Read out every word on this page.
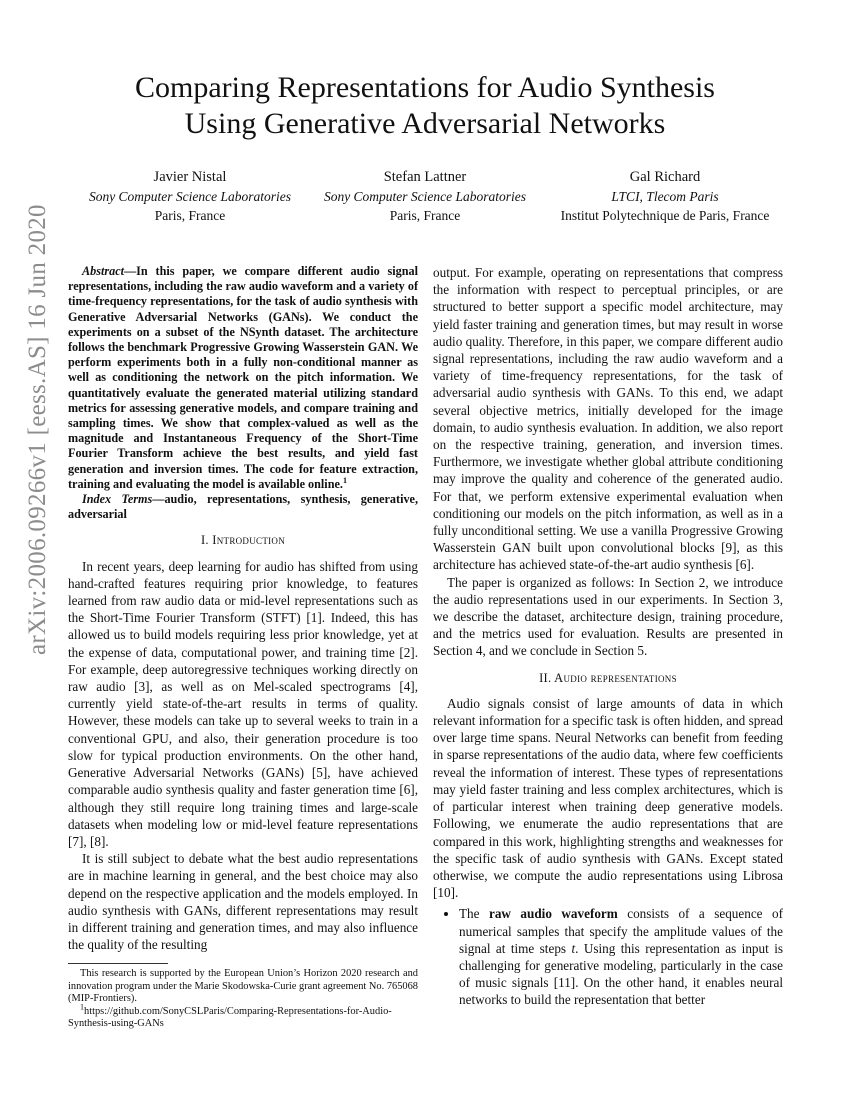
Comparing Representations for Audio Synthesis
Using Generative Adversarial Networks
Javier Nistal
Sony Computer Science Laboratories
Paris, France
Stefan Lattner
Sony Computer Science Laboratories
Paris, France
Gal Richard
LTCI, Tlecom Paris
Institut Polytechnique de Paris, France
arXiv:2006.09266v1 [eess.AS] 16 Jun 2020	Abstract—In this paper, we compare different audio signal representations, including the raw audio waveform and a variety of time-frequency representations, for the task of audio synthesis with Generative Adversarial Networks (GANs). We conduct the experiments on a subset of the NSynth dataset. The architecture follows the benchmark Progressive Growing Wasserstein GAN. We perform experiments both in a fully non-conditional manner as well as conditioning the network on the pitch information. We quantitatively evaluate the generated material utilizing standard metrics for assessing generative models, and compare training and sampling times. We show that complex-valued as well as the magnitude and Instantaneous Frequency of the Short-Time Fourier Transform achieve the best results, and yield fast generation and inversion times. The code for feature extraction, training and evaluating the model is available online.$^1$

Index Terms—audio, representations, synthesis, generative, adversarial

I. Introduction

In recent years, deep learning for audio has shifted from using hand-crafted features requiring prior knowledge, to features learned from raw audio data or mid-level representations such as the Short-Time Fourier Transform (STFT) [1]. Indeed, this has allowed us to build models requiring less prior knowledge, yet at the expense of data, computational power, and training time [2]. For example, deep autoregressive techniques working directly on raw audio [3], as well as on Mel-scaled spectrograms [4], currently yield state-of-the-art results in terms of quality. However, these models can take up to several weeks to train in a conventional GPU, and also, their generation procedure is too slow for typical production environments. On the other hand, Generative Adversarial Networks (GANs) [5], have achieved comparable audio synthesis quality and faster generation time [6], although they still require long training times and large-scale datasets when modeling low or mid-level feature representations [7], [8].

It is still subject to debate what the best audio representations are in machine learning in general, and the best choice may also depend on the respective application and the models employed. In audio synthesis with GANs, different representations may result in different training and generation times, and may also influence the quality of the resulting

This research is supported by the European Union’s Horizon 2020 research and innovation program under the Marie Skodowska-Curie grant agreement No. 765068 (MIP-Frontiers).

$^1$https://github.com/SonyCSLParis/Comparing-Representations-for-Audio-Synthesis-using-GANs

output. For example, operating on representations that compress the information with respect to perceptual principles, or are structured to better support a specific model architecture, may yield faster training and generation times, but may result in worse audio quality. Therefore, in this paper, we compare different audio signal representations, including the raw audio waveform and a variety of time-frequency representations, for the task of adversarial audio synthesis with GANs. To this end, we adapt several objective metrics, initially developed for the image domain, to audio synthesis evaluation. In addition, we also report on the respective training, generation, and inversion times. Furthermore, we investigate whether global attribute conditioning may improve the quality and coherence of the generated audio. For that, we perform extensive experimental evaluation when conditioning our models on the pitch information, as well as in a fully unconditional setting. We use a vanilla Progressive Growing Wasserstein GAN built upon convolutional blocks [9], as this architecture has achieved state-of-the-art audio synthesis [6].

The paper is organized as follows: In Section 2, we introduce the audio representations used in our experiments. In Section 3, we describe the dataset, architecture design, training procedure, and the metrics used for evaluation. Results are presented in Section 4, and we conclude in Section 5.

II. Audio representations

Audio signals consist of large amounts of data in which relevant information for a specific task is often hidden, and spread over large time spans. Neural Networks can benefit from feeding in sparse representations of the audio data, where few coefficients reveal the information of interest. These types of representations may yield faster training and less complex architectures, which is of particular interest when training deep generative models. Following, we enumerate the audio representations that are compared in this work, highlighting strengths and weaknesses for the specific task of audio synthesis with GANs. Except stated otherwise, we compute the audio representations using Librosa [10].

• The raw audio waveform consists of a sequence of numerical samples that specify the amplitude values of the signal at time steps t. Using this representation as input is challenging for generative modeling, particularly in the case of music signals [11]. On the other hand, it enables neural networks to build the representation that better
